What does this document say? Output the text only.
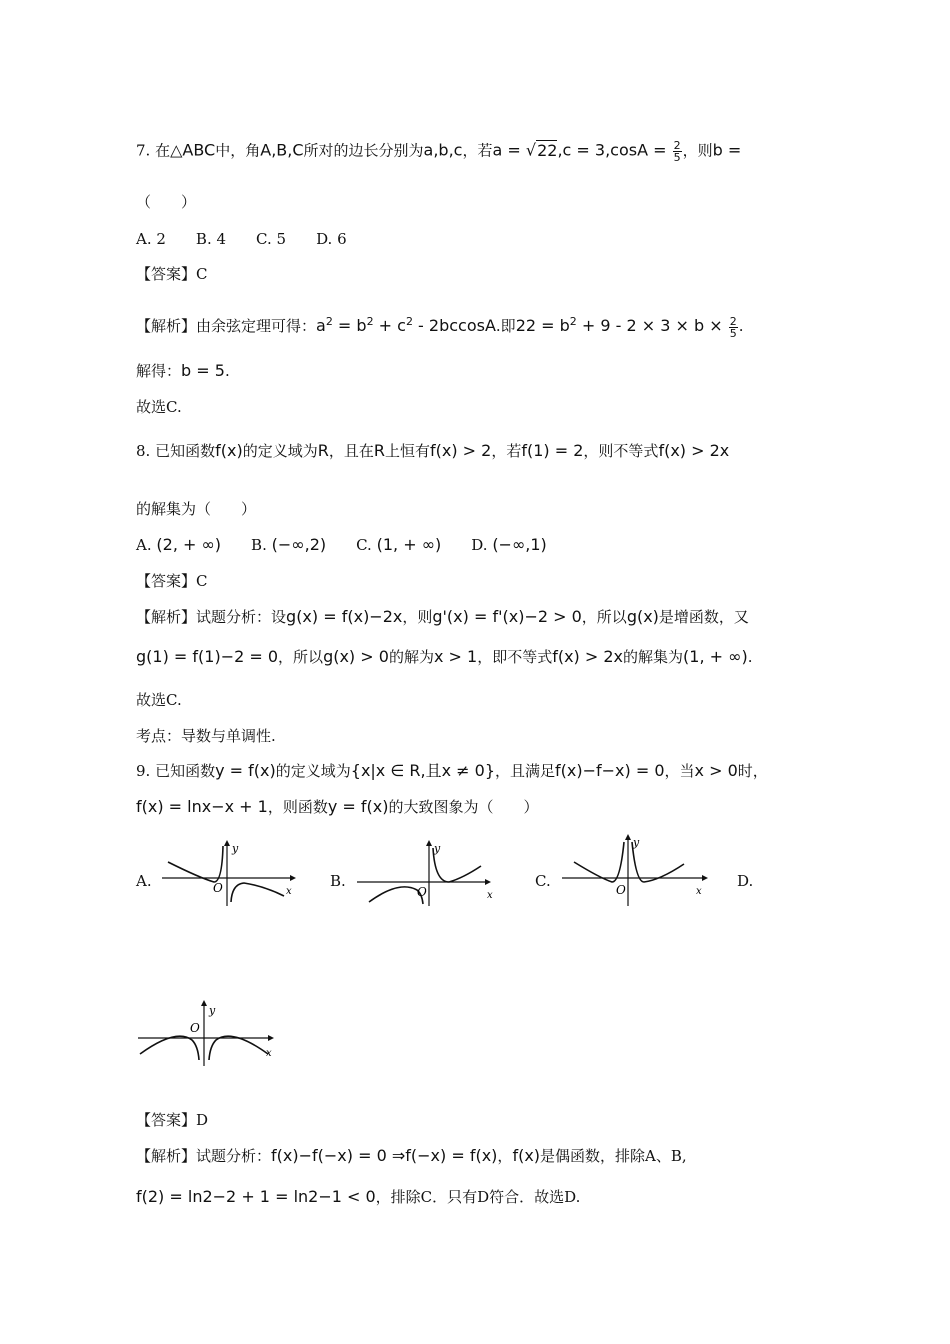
7. 在△ABC中，角A,B,C所对的边长分别为a,b,c，若$a = √22,c = 3,\cos A = \frac{2}{5}$ ，则b =
（　　）
A. 2 B. 4 C. 5 D. 6
【答案】C
【解析】由余弦定理可得：$a^2 = b^2 + c^2 - 2bccosA$.即$22 = b^2 + 9 - 2 \times 3 \times b \times \frac{2}{5}$ .
解得：b = 5.
故选C.
8. 已知函数f(x)的定义域为R，且在R上恒有f(x) > 2，若f(1) = 2，则不等式f(x) > 2x
的解集为（　　）
A. (2, + ∞) B. (−∞,2) C. (1, + ∞) D. (−∞,1)
【答案】C
【解析】试题分析：设g(x) = f(x)−2x，则g'(x) = f'(x)−2 > 0，所以g(x)是增函数，又
g(1) = f(1)−2 = 0，所以g(x) > 0的解为x > 1，即不等式f(x) > 2x的解集为(1, + ∞).
故选C.
考点：导数与单调性.
9. 已知函数y = f(x)的定义域为{x|x ∈ R,且x ≠ 0}，且满足f(x)−f−x) = 0，当x > 0时，
f(x) = lnx−x + 1，则函数y = f(x)的大致图象为（　　）
A.	B.	C.	D.
y
x
O
y
x
O
y
x
O
y
x
O
【答案】D
【解析】试题分析：f(x)−f(−x) = 0 ⇒f(−x) = f(x)，f(x)是偶函数，排除A、B,
f(2) = ln2−2 + 1 = ln2−1 < 0，排除C．只有D符合．故选D.
